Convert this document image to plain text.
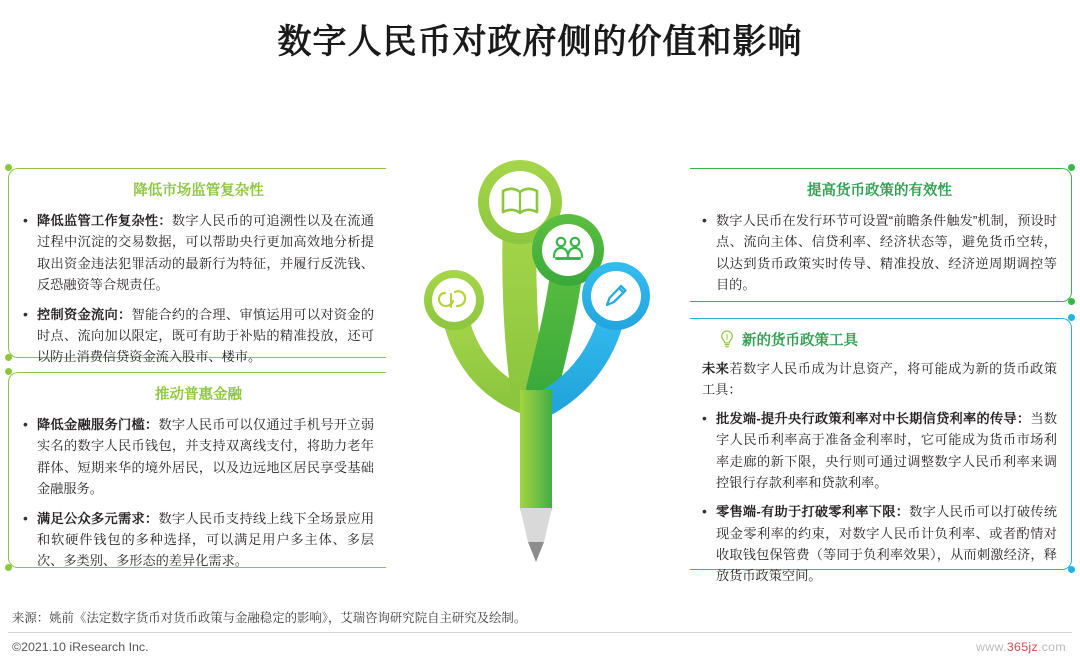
数字人民币对政府侧的价值和影响
降低市场监管复杂性
• 降低监管工作复杂性：数字人民币的可追溯性以及在流通过程中沉淀的交易数据，可以帮助央行更加高效地分析提取出资金违法犯罪活动的最新行为特征，并履行反洗钱、反恐融资等合规责任。
• 控制资金流向：智能合约的合理、审慎运用可以对资金的时点、流向加以限定，既可有助于补贴的精准投放，还可以防止消费信贷资金流入股市、楼市。
推动普惠金融
• 降低金融服务门槛：数字人民币可以仅通过手机号开立弱实名的数字人民币钱包，并支持双离线支付，将助力老年群体、短期来华的境外居民，以及边远地区居民享受基础金融服务。
• 满足公众多元需求：数字人民币支持线上线下全场景应用和软硬件钱包的多种选择，可以满足用户多主体、多层次、多类别、多形态的差异化需求。
提高货币政策的有效性
• 数字人民币在发行环节可设置“前瞻条件触发”机制，预设时点、流向主体、信贷利率、经济状态等，避免货币空转，以达到货币政策实时传导、精准投放、经济逆周期调控等目的。
新的货币政策工具
未来若数字人民币成为计息资产，将可能成为新的货币政策工具：
• 批发端-提升央行政策利率对中长期信贷利率的传导：当数字人民币利率高于准备金利率时，它可能成为货币市场利率走廊的新下限，央行则可通过调整数字人民币利率来调控银行存款利率和贷款利率。
• 零售端-有助于打破零利率下限：数字人民币可以打破传统现金零利率的约束，对数字人民币计负利率、或者酌情对收取钱包保管费（等同于负利率效果），从而刺激经济，释放货币政策空间。
来源：姚前《法定数字货币对货币政策与金融稳定的影响》，艾瑞咨询研究院自主研究及绘制。
©2021.10 iResearch Inc.	www.365jz.com
